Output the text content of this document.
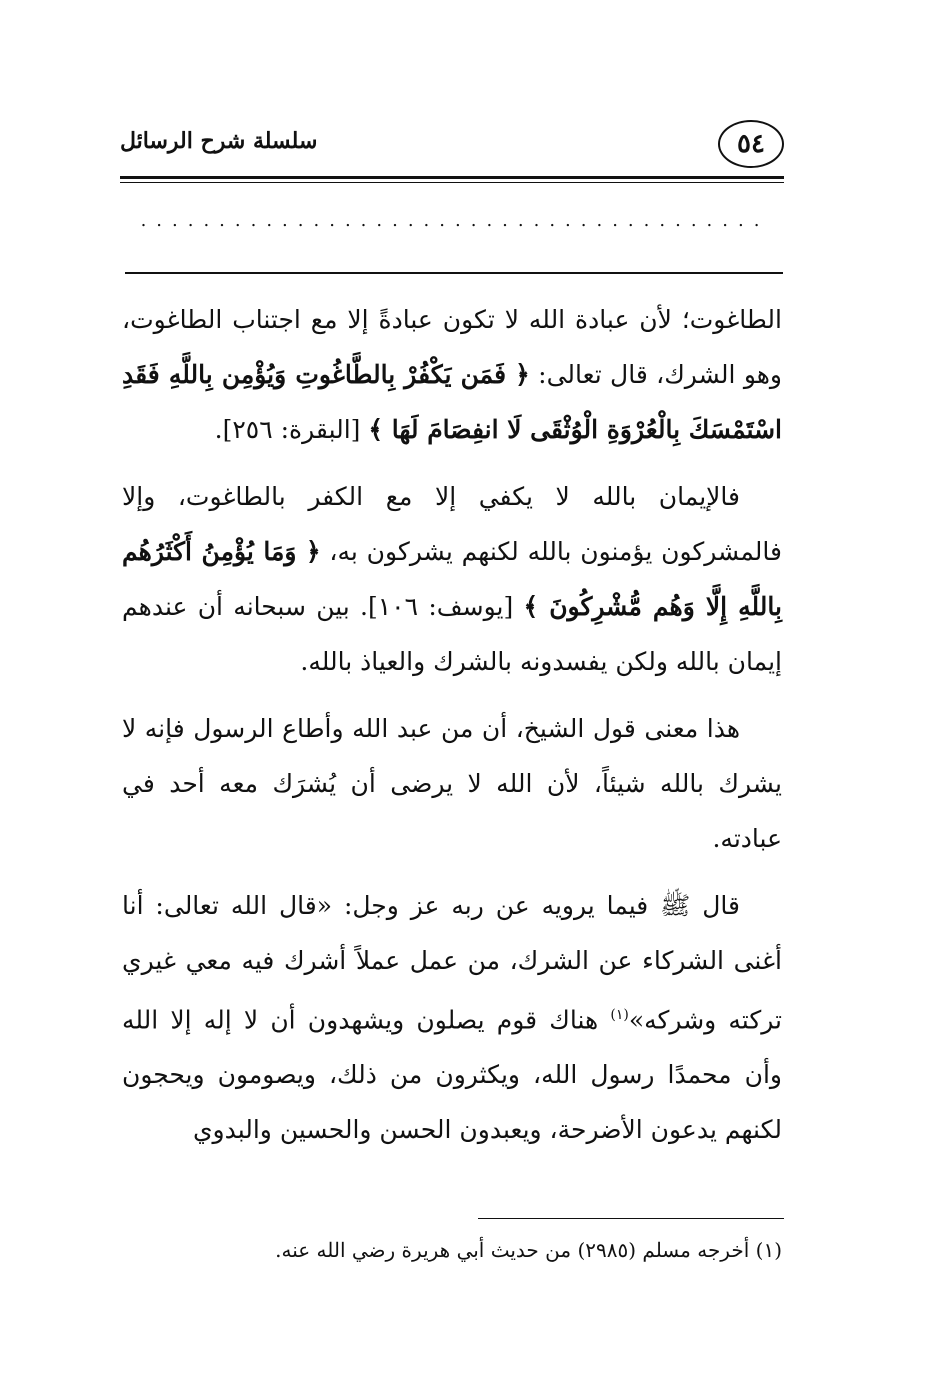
٥٤
سلسلة شرح الرسائل
........................................

الطاغوت؛ لأن عبادة الله لا تكون عبادةً إلا مع اجتناب الطاغوت، وهو الشرك، قال تعالى: ﴿ فَمَن يَكْفُرْ بِالطَّاغُوتِ وَيُؤْمِن بِاللَّهِ فَقَدِ اسْتَمْسَكَ بِالْعُرْوَةِ الْوُثْقَى لَا انفِصَامَ لَهَا ﴾ [البقرة: ٢٥٦].

فالإيمان بالله لا يكفي إلا مع الكفر بالطاغوت، وإلا فالمشركون يؤمنون بالله لكنهم يشركون به، ﴿ وَمَا يُؤْمِنُ أَكْثَرُهُم بِاللَّهِ إِلَّا وَهُم مُّشْرِكُونَ ﴾ [يوسف: ١٠٦]. بين سبحانه أن عندهم إيمان بالله ولكن يفسدونه بالشرك والعياذ بالله.

هذا معنى قول الشيخ، أن من عبد الله وأطاع الرسول فإنه لا يشرك بالله شيئاً، لأن الله لا يرضى أن يُشرَك معه أحد في عبادته.

قال ﷺ فيما يرويه عن ربه عز وجل: «قال الله تعالى: أنا أغنى الشركاء عن الشرك، من عمل عملاً أشرك فيه معي غيري تركته وشركه»$^{(١)}$ هناك قوم يصلون ويشهدون أن لا إله إلا الله وأن محمدًا رسول الله، ويكثرون من ذلك، ويصومون ويحجون لكنهم يدعون الأضرحة، ويعبدون الحسن والحسين والبدوي

(١) أخرجه مسلم (٢٩٨٥) من حديث أبي هريرة رضي الله عنه.
